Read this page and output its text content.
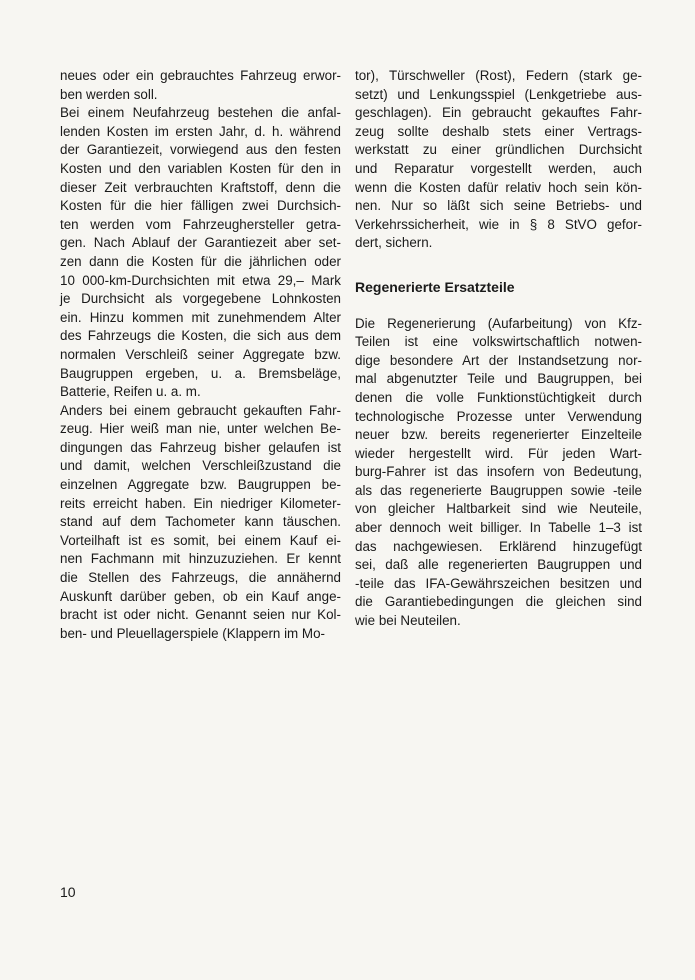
neues oder ein gebrauchtes Fahrzeug erwor-
ben werden soll.
Bei einem Neufahrzeug bestehen die anfal-
lenden Kosten im ersten Jahr, d. h. während
der Garantiezeit, vorwiegend aus den festen
Kosten und den variablen Kosten für den in
dieser Zeit verbrauchten Kraftstoff, denn die
Kosten für die hier fälligen zwei Durchsich-
ten werden vom Fahrzeughersteller getra-
gen. Nach Ablauf der Garantiezeit aber set-
zen dann die Kosten für die jährlichen oder
10 000-km-Durchsichten mit etwa 29,– Mark
je Durchsicht als vorgegebene Lohnkosten
ein. Hinzu kommen mit zunehmendem Alter
des Fahrzeugs die Kosten, die sich aus dem
normalen Verschleiß seiner Aggregate bzw.
Baugruppen ergeben, u. a. Bremsbeläge,
Batterie, Reifen u. a. m.
Anders bei einem gebraucht gekauften Fahr-
zeug. Hier weiß man nie, unter welchen Be-
dingungen das Fahrzeug bisher gelaufen ist
und damit, welchen Verschleißzustand die
einzelnen Aggregate bzw. Baugruppen be-
reits erreicht haben. Ein niedriger Kilometer-
stand auf dem Tachometer kann täuschen.
Vorteilhaft ist es somit, bei einem Kauf ei-
nen Fachmann mit hinzuzuziehen. Er kennt
die Stellen des Fahrzeugs, die annähernd
Auskunft darüber geben, ob ein Kauf ange-
bracht ist oder nicht. Genannt seien nur Kol-
ben- und Pleuellagerspiele (Klappern im Mo-
tor), Türschweller (Rost), Federn (stark ge-
setzt) und Lenkungsspiel (Lenkgetriebe aus-
geschlagen). Ein gebraucht gekauftes Fahr-
zeug sollte deshalb stets einer Vertrags-
werkstatt zu einer gründlichen Durchsicht
und Reparatur vorgestellt werden, auch
wenn die Kosten dafür relativ hoch sein kön-
nen. Nur so läßt sich seine Betriebs- und
Verkehrssicherheit, wie in § 8 StVO gefor-
dert, sichern.
Regenerierte Ersatzteile
Die Regenerierung (Aufarbeitung) von Kfz-
Teilen ist eine volkswirtschaftlich notwen-
dige besondere Art der Instandsetzung nor-
mal abgenutzter Teile und Baugruppen, bei
denen die volle Funktionstüchtigkeit durch
technologische Prozesse unter Verwendung
neuer bzw. bereits regenerierter Einzelteile
wieder hergestellt wird. Für jeden Wart-
burg-Fahrer ist das insofern von Bedeutung,
als das regenerierte Baugruppen sowie -teile
von gleicher Haltbarkeit sind wie Neuteile,
aber dennoch weit billiger. In Tabelle 1–3 ist
das nachgewiesen. Erklärend hinzugefügt
sei, daß alle regenerierten Baugruppen und
-teile das IFA-Gewährszeichen besitzen und
die Garantiebedingungen die gleichen sind
wie bei Neuteilen.
10
